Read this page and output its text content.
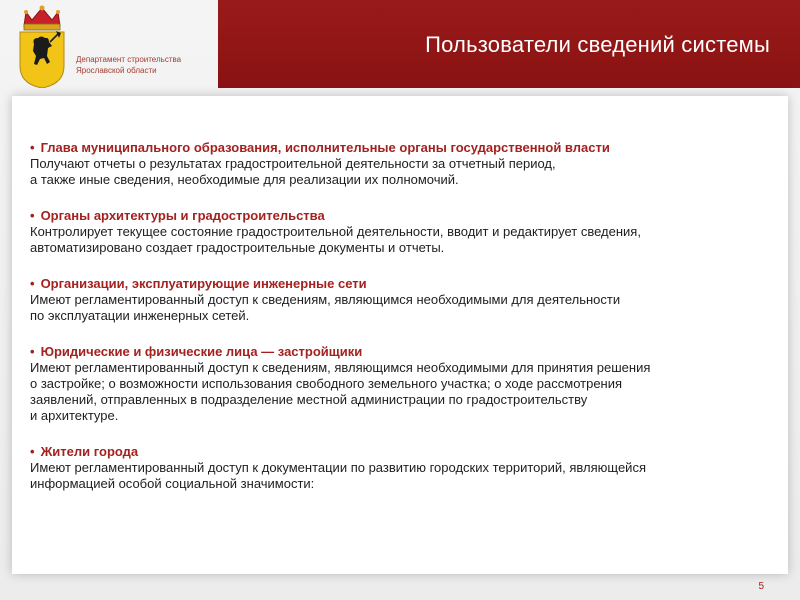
Департамент строительства
Ярославской области
Пользователи сведений системы
• Глава муниципального образования, исполнительные органы государственной власти
Получают отчеты о результатах градостроительной деятельности за отчетный период,
а также иные сведения, необходимые для реализации их полномочий.
• Органы архитектуры и градостроительства
Контролирует текущее состояние градостроительной деятельности, вводит и редактирует сведения,
автоматизировано создает градостроительные документы и отчеты.
• Организации, эксплуатирующие инженерные сети
Имеют регламентированный доступ к сведениям, являющимся необходимыми для деятельности
по эксплуатации инженерных сетей.
• Юридические и физические лица — застройщики
Имеют регламентированный доступ к сведениям, являющимся необходимыми для принятия решения
о застройке; о возможности использования свободного земельного участка; о ходе рассмотрения
заявлений, отправленных в подразделение местной администрации по градостроительству
и архитектуре.
• Жители города
Имеют регламентированный доступ к документации по развитию городских территорий, являющейся
информацией особой социальной значимости:
5
